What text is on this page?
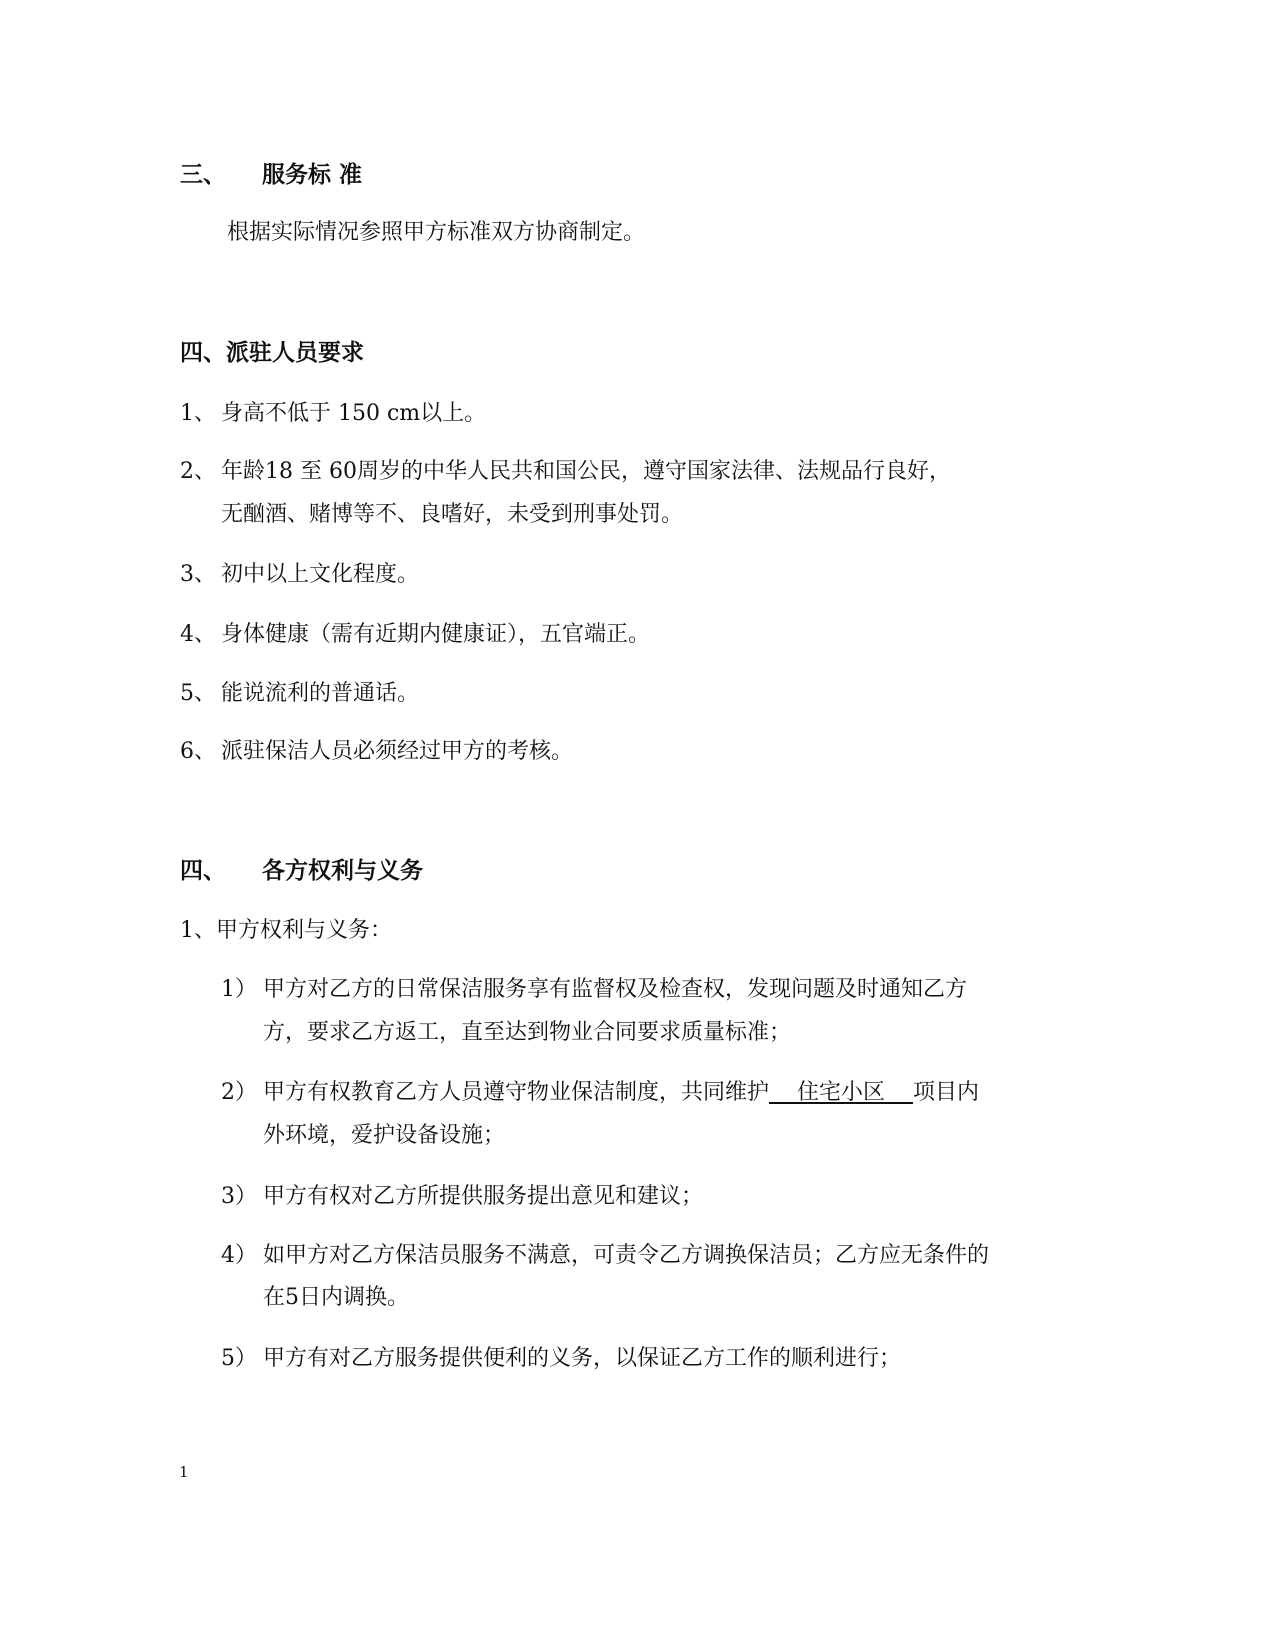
三、 服务标 准
根据实际情况参照甲方标准双方协商制定。
四、派驻人员要求
1、 身高不低于 150 cm以上。
2、 年龄18 至 60周岁的中华人民共和国公民，遵守国家法律、法规品行良好，
无酗酒、赌博等不、良嗜好，未受到刑事处罚。
3、 初中以上文化程度。
4、 身体健康（需有近期内健康证），五官端正。
5、 能说流利的普通话。
6、 派驻保洁人员必须经过甲方的考核。
四、 各方权利与义务
1、甲方权利与义务：
1） 甲方对乙方的日常保洁服务享有监督权及检查权，发现问题及时通知乙方
方，要求乙方返工，直至达到物业合同要求质量标准；
2） 甲方有权教育乙方人员遵守物业保洁制度，共同维护    住宅小区    项目内
外环境，爱护设备设施；
3） 甲方有权对乙方所提供服务提出意见和建议；
4） 如甲方对乙方保洁员服务不满意，可责令乙方调换保洁员；乙方应无条件的
在5日内调换。
5） 甲方有对乙方服务提供便利的义务，以保证乙方工作的顺利进行；
1
